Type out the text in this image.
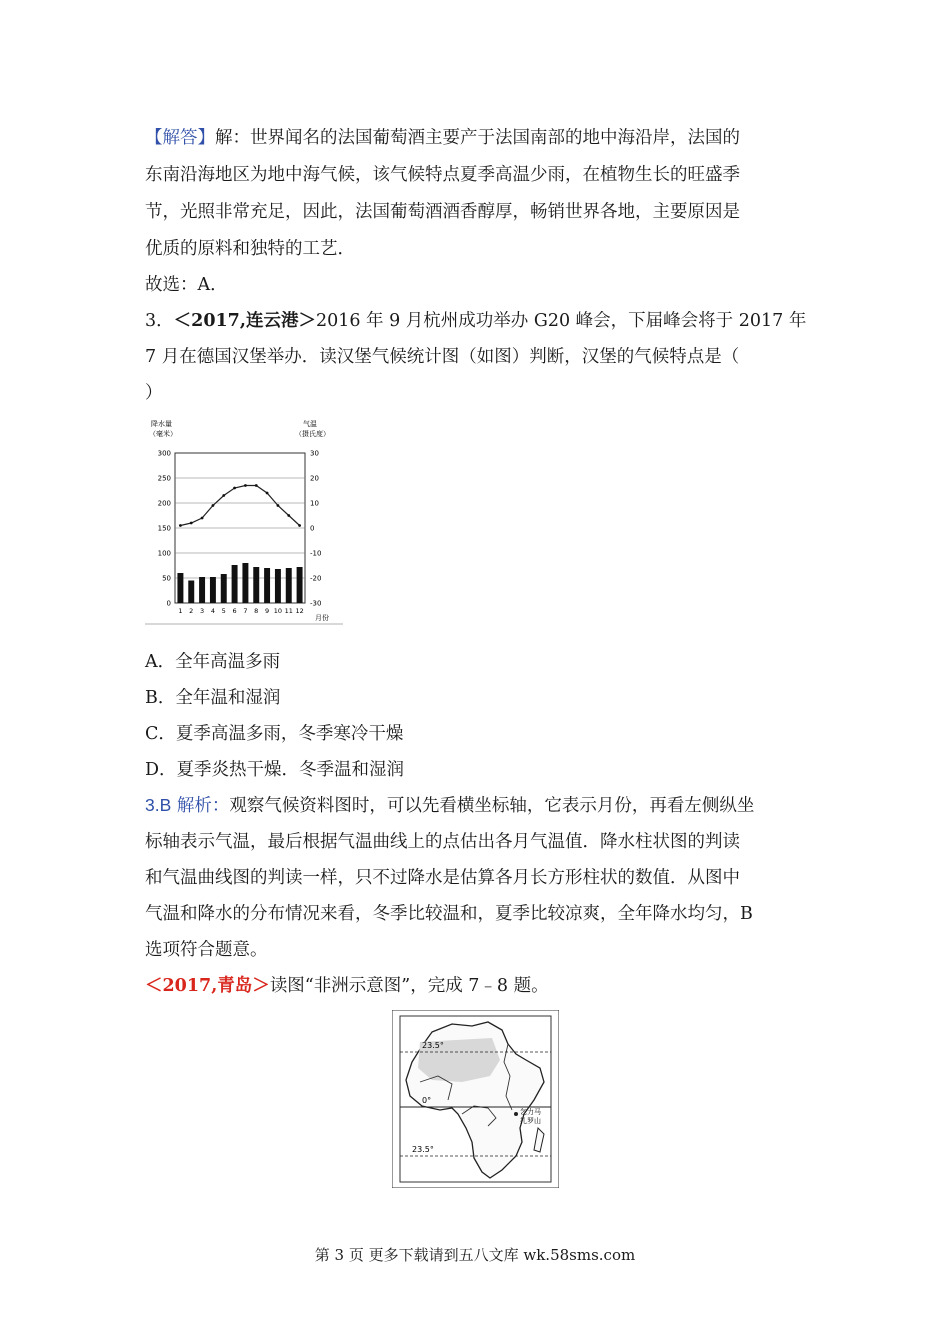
【解答】解：世界闻名的法国葡萄酒主要产于法国南部的地中海沿岸，法国的
东南沿海地区为地中海气候，该气候特点夏季高温少雨，在植物生长的旺盛季
节，光照非常充足，因此，法国葡萄酒酒香醇厚，畅销世界各地，主要原因是
优质的原料和独特的工艺．
故选：A．
3．＜2017,连云港＞2016 年 9 月杭州成功举办 G20 峰会，下届峰会将于 2017 年
7 月在德国汉堡举办．读汉堡气候统计图（如图）判断，汉堡的气候特点是（
）
降水量
（毫米）
气温
（摄氏度）
300
250
200
150
100
50
0
30
20
10
0
-10
-20
-30
1 2 3 4 5 6 7 8 9 10 11 12
月份
A．全年高温多雨
B．全年温和湿润
C．夏季高温多雨，冬季寒冷干燥
D．夏季炎热干燥．冬季温和湿润
3.B 解析：观察气候资料图时，可以先看横坐标轴，它表示月份，再看左侧纵坐
标轴表示气温，最后根据气温曲线上的点估出各月气温值．降水柱状图的判读
和气温曲线图的判读一样，只不过降水是估算各月长方形柱状的数值．从图中
气温和降水的分布情况来看，冬季比较温和，夏季比较凉爽，全年降水均匀，B
选项符合题意。
＜2017,青岛＞读图“非洲示意图”，完成 7﹣8 题。
23.5°
0°
23.5°
乞力马
扎罗山
第 3 页 更多下载请到五八文库 wk.58sms.com
